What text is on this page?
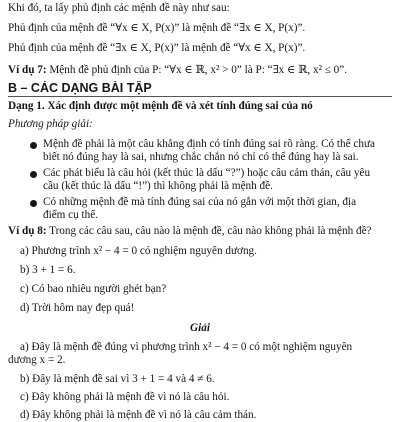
Khi đó, ta lấy phủ định các mệnh đề này như sau:
Phủ định của mệnh đề “∀x ∈ X, P(x)” là mệnh đề “∃x ∈ X, P(x)”.
Phủ định của mệnh đề “∃x ∈ X, P(x)” là mệnh đề “∀x ∈ X, P(x)”.
Ví dụ 7: Mệnh đề phủ định của P: “∀x ∈ ℝ, x² > 0” là $\overline{P}$: “∃x ∈ ℝ, x² ≤ 0”.
B – CÁC DẠNG BÀI TẬP
Dạng 1. Xác định được một mệnh đề và xét tính đúng sai của nó
Phương pháp giải:
Mệnh đề phải là một câu khẳng định có tính đúng sai rõ ràng. Có thể chưa
biết nó đúng hay là sai, nhưng chắc chắn nó chỉ có thể đúng hay là sai.
Các phát biểu là câu hỏi (kết thúc là dấu “?”) hoặc câu cảm thán, câu yêu
cầu (kết thúc là dấu “!”) thì không phải là mệnh đề.
Có những mệnh đề mà tính đúng sai của nó gắn với một thời gian, địa
điểm cụ thể.
Ví dụ 8: Trong các câu sau, câu nào là mệnh đề, câu nào không phải là mệnh đề?
a) Phương trình x² − 4 = 0 có nghiệm nguyên dương.
b) 3 + 1 = 6.
c) Có bao nhiêu người ghét bạn?
d) Trời hôm nay đẹp quá!
Giải
a) Đây là mệnh đề đúng vì phương trình x² − 4 = 0 có một nghiệm nguyên
dương x = 2.
b) Đây là mệnh đề sai vì 3 + 1 = 4 và 4 ≠ 6.
c) Đây không phải là mệnh đề vì nó là câu hỏi.
d) Đây không phải là mệnh đề vì nó là câu cảm thán.
